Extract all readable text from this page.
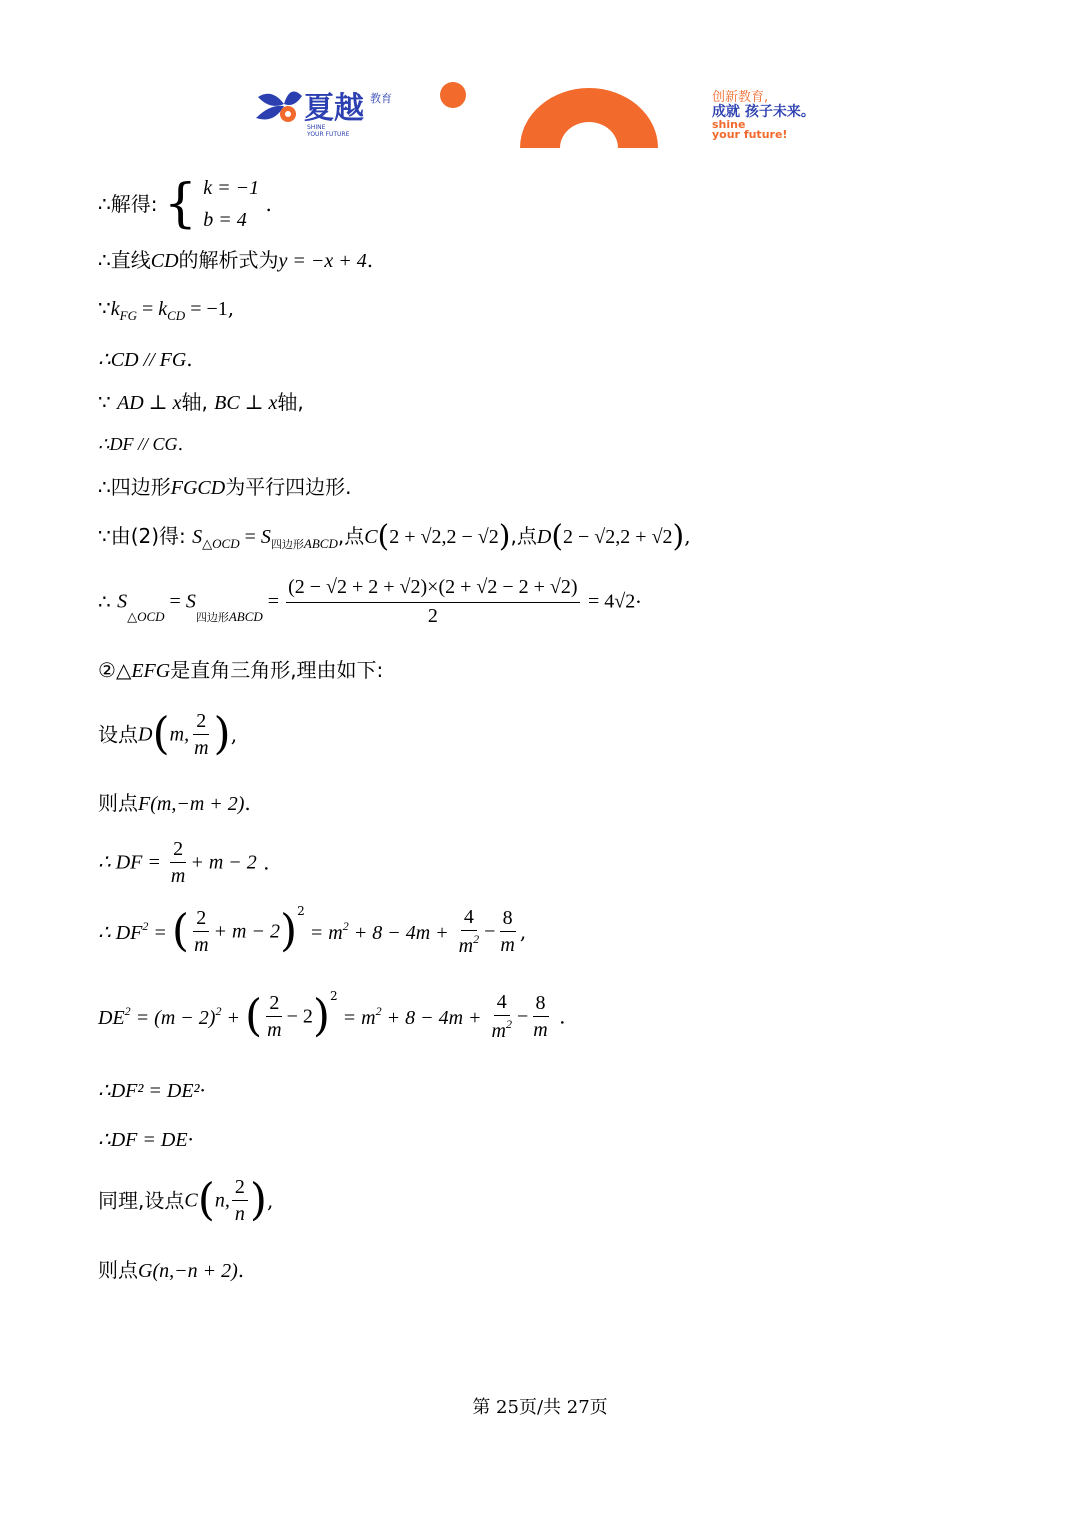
夏越 教育
SHINE
YOUR FUTURE
创新教育,
成就 孩子未来。
shine
your future!
∴解得: { k = −1
b = 4
.
∴直线CD的解析式为y = −x + 4.
$\because k_{FG} = k_{CD} = -1$,
∴CD // FG.
∵ AD ⊥ x轴, BC ⊥ x轴,
∴DF // CG.
∴四边形FGCD为平行四边形.
∵由(2)得: $S_{\triangle OCD} = S_{四边形ABCD}$,点C(2 + √2,2 − √2),点D(2 − √2,2 + √2),
∴ $S_{\triangle OCD} = S_{四边形ABCD} = \frac{(2 - √2 + 2 + √2)\times(2 + √2 - 2 + √2)}{2} = 4√2\cdot$
②△EFG是直角三角形,理由如下:
设点D(m, $\frac{2}{m}$ ),
则点F(m,−m + 2).
∴ DF = $\frac{2}{m} + m - 2$ .
∴ $DF^2$ = ( $\frac{2}{m} + m - 2)^2 = m^2 + 8 - 4m + \frac{4}{m^2} - \frac{8}{m}$ ,
$DE^2 = (m - 2)^2$ + ( $\frac{2}{m} - 2)^2 = m^2 + 8 - 4m + \frac{4}{m^2} - \frac{8}{m}$ .
∴DF² = DE²·
∴DF = DE·
同理,设点C(n, $\frac{2}{n}$ ),
则点G(n,−n + 2).
第 25页/共 27页
